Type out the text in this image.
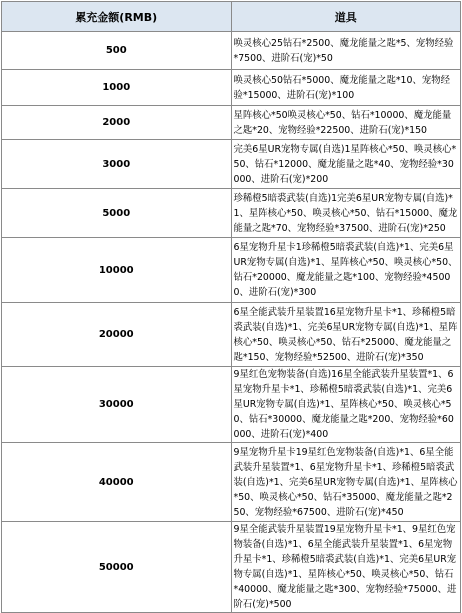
累充金额(RMB)	道具
500	唤灵核心25钻石*2500、魔龙能量之匙*5、宠物经验*7500、进阶石(宠)*50
1000	唤灵核心50钻石*5000、魔龙能量之匙*10、宠物经验*15000、进阶石(宠)*100
2000	星阵核心*50唤灵核心*50、钻石*10000、魔龙能量之匙*20、宠物经验*22500、进阶石(宠)*150
3000	完美6星UR宠物专属(自选)1星阵核心*50、唤灵核心*50、钻石*12000、魔龙能量之匙*40、宠物经验*30000、进阶石(宠)*200
5000	珍稀橙5暗裘武装(自选)1完美6星UR宠物专属(自选)*1、星阵核心*50、唤灵核心*50、钻石*15000、魔龙能量之匙*70、宠物经验*37500、进阶石(宠)*250
10000	6星宠物升星卡1珍稀橙5暗裘武装(自选)*1、完美6星UR宠物专属(自选)*1、星阵核心*50、唤灵核心*50、钻石*20000、魔龙能量之匙*100、宠物经验*45000、进阶石(宠)*300
20000	6星全能武装升星装置16星宠物升星卡*1、珍稀橙5暗裘武装(自选)*1、完美6星UR宠物专属(自选)*1、星阵核心*50、唤灵核心*50、钻石*25000、魔龙能量之匙*150、宠物经验*52500、进阶石(宠)*350
30000	9星红色宠物装备(自选)16星全能武装升星装置*1、6星宠物升星卡*1、珍稀橙5暗裘武装(自选)*1、完美6星UR宠物专属(自选)*1、星阵核心*50、唤灵核心*50、钻石*30000、魔龙能量之匙*200、宠物经验*60000、进阶石(宠)*400
40000	9星宠物升星卡19星红色宠物装备(自选)*1、6星全能武装升星装置*1、6星宠物升星卡*1、珍稀橙5暗裘武装(自选)*1、完美6星UR宠物专属(自选)*1、星阵核心*50、唤灵核心*50、钻石*35000、魔龙能量之匙*250、宠物经验*67500、进阶石(宠)*450
50000	9星全能武装升星装置19星宠物升星卡*1、9星红色宠物装备(自选)*1、6星全能武装升星装置*1、6星宠物升星卡*1、珍稀橙5暗裘武装(自选)*1、完美6星UR宠物专属(自选)*1、星阵核心*50、唤灵核心*50、钻石*40000、魔龙能量之匙*300、宠物经验*75000、进阶石(宠)*500
